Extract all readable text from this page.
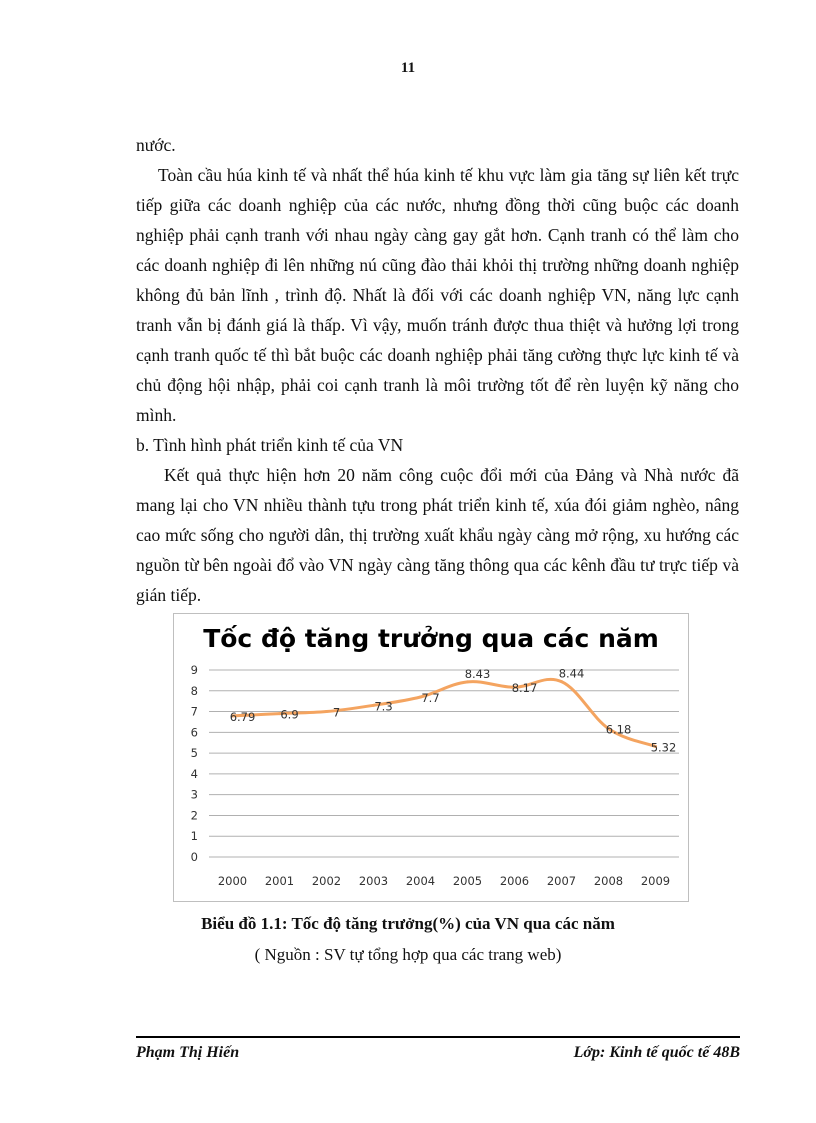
11

nước.

Toàn cầu húa kinh tế và nhất thể húa kinh tế khu vực làm gia tăng sự liên kết trực tiếp giữa các doanh nghiệp của các nước, nhưng đồng thời cũng buộc các doanh nghiệp phải cạnh tranh với nhau ngày càng gay gắt hơn. Cạnh tranh có thể làm cho các doanh nghiệp đi lên những nú cũng đào thải khỏi thị trường những doanh nghiệp không đủ bản lĩnh , trình độ. Nhất là đối với các doanh nghiệp VN, năng lực cạnh tranh vẫn bị đánh giá là thấp. Vì vậy, muốn tránh được thua thiệt và hưởng lợi trong cạnh tranh quốc tế thì bắt buộc các doanh nghiệp phải tăng cường thực lực kinh tế và chủ động hội nhập, phải coi cạnh tranh là môi trường tốt để rèn luyện kỹ năng cho mình.

b. Tình hình phát triển kinh tế của VN

Kết quả thực hiện hơn 20 năm công cuộc đổi mới của Đảng và Nhà nước đã mang lại cho VN nhiều thành tựu trong phát triển kinh tế, xúa đói giảm nghèo, nâng cao mức sống cho người dân, thị trường xuất khẩu ngày càng mở rộng, xu hướng các nguồn từ bên ngoài đổ vào VN ngày càng tăng thông qua các kênh đầu tư trực tiếp và gián tiếp.

Tốc độ tăng trưởng qua các năm
0
1
2
3
4
5
6
7
8
9
2000 2001 2002 2003 2004 2005 2006 2007 2008 2009
6.79 6.9	7	7.3
7.7
8.43
8.17
8.44
6.18
5.32
Biểu đồ 1.1: Tốc độ tăng trưởng(%) của VN qua các năm
( Nguồn : SV tự tổng hợp qua các trang web)
Phạm Thị Hiến	Lớp: Kinh tế quốc tế 48B
